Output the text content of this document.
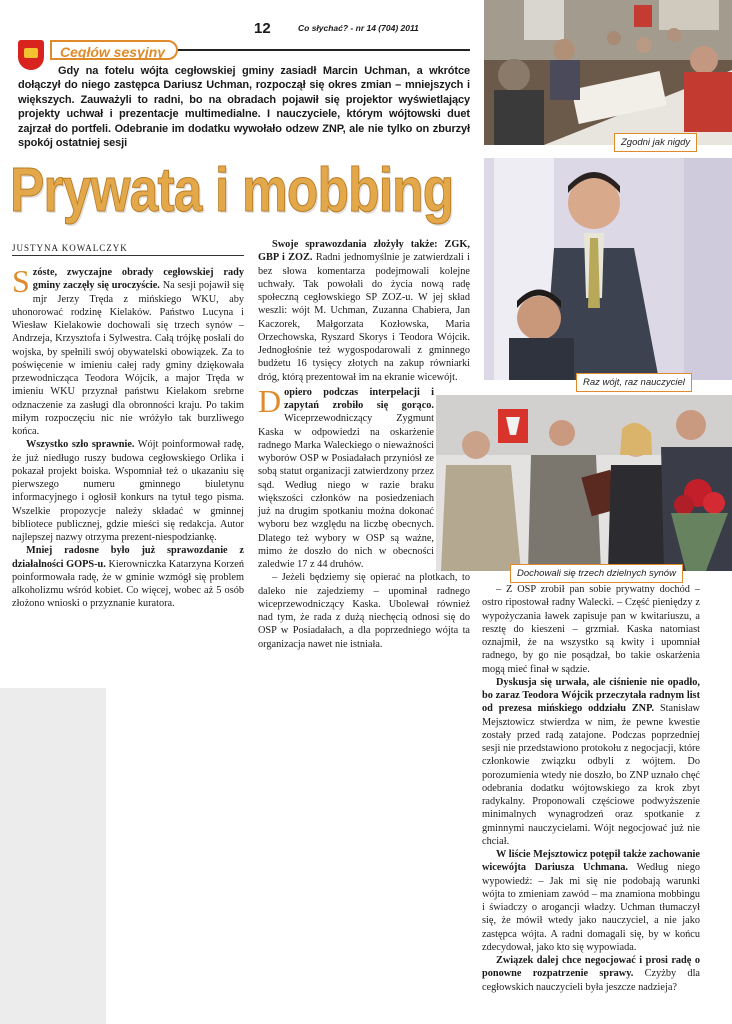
12	Co słychać? - nr 14 (704) 2011
Cegłów sesyjny
Gdy na fotelu wójta cegłowskiej gminy zasiadł Marcin Uchman, a wkrótce dołączył do niego zastępca Dariusz Uchman, rozpoczął się okres zmian – mniejszych i większych. Zauważyli to radni, bo na obradach pojawił się projektor wyświetlający projekty uchwał i prezentacje multimedialne. I nauczyciele, którym wójtowski duet zajrzał do portfeli. Odebranie im dodatku wywołało odzew ZNP, ale nie tylko on zburzył spokój ostatniej sesji	Zgodni jak nigdy
Prywata i mobbing
Raz wójt, raz nauczyciel
Dochowali się trzech dzielnych synów
JUSTYNA KOWALCZYK

Szóste, zwyczajne obrady cegłowskiej rady gminy zaczęły się uroczyście. Na sesji pojawił się mjr Jerzy Tręda z mińskiego WKU, aby uhonorować rodzinę Kielaków. Państwo Lucyna i Wiesław Kielakowie dochowali się trzech synów – Andrzeja, Krzysztofa i Sylwestra. Całą trójkę posłali do wojska, by spełnili swój obywatelski obowiązek. Za to poświęcenie w imieniu całej rady gminy dziękowała przewodnicząca Teodora Wójcik, a major Tręda w imieniu WKU przyznał państwu Kielakom srebrne odznaczenie za zasługi dla obronności kraju. Po takim miłym rozpoczęciu nic nie wróżyło tak burzliwego końca.

Wszystko szło sprawnie. Wójt poinformował radę, że już niedługo ruszy budowa cegłowskiego Orlika i pokazał projekt boiska. Wspomniał też o ukazaniu się pierwszego numeru gminnego biuletynu informacyjnego i ogłosił konkurs na tytuł tego pisma. Wszelkie propozycje należy składać w gminnej bibliotece publicznej, gdzie mieści się redakcja. Autor najlepszej nazwy otrzyma prezent-niespodziankę.

Mniej radosne było już sprawozdanie z działalności GOPS-u. Kierowniczka Katarzyna Korzeń poinformowała radę, że w gminie wzmógł się problem alkoholizmu wśród kobiet. Co więcej, wobec aż 5 osób złożono wnioski o przyznanie kuratora.

Swoje sprawozdania złożyły także: ZGK, GBP i ZOZ. Radni jednomyślnie je zatwierdzali i bez słowa komentarza podejmowali kolejne uchwały. Tak powołali do życia nową radę społeczną cegłowskiego SP ZOZ-u. W jej skład weszli: wójt M. Uchman, Zuzanna Chabiera, Jan Kaczorek, Małgorzata Kozłowska, Maria Orzechowska, Ryszard Skorys i Teodora Wójcik. Jednogłośnie też wygospodarowali z gminnego budżetu 16 tysięcy złotych na zakup równiarki dróg, którą prezentował im na ekranie wicewójt.

Dopiero podczas interpelacji i zapytań zrobiło się gorąco. Wiceprzewodniczący Zygmunt Kaska w odpowiedzi na oskarżenie radnego Marka Waleckiego o nieważności wyborów OSP w Posiadałach przyniósł ze sobą statut organizacji zatwierdzony przez sąd. Według niego w razie braku większości członków na posiedzeniach już na drugim spotkaniu można dokonać wyboru bez względu na liczbę obecnych. Dlatego też wybory w OSP są ważne, mimo że doszło do nich w obecności zaledwie 17 z 44 druhów.

– Jeżeli będziemy się opierać na plotkach, to daleko nie zajedziemy – upominał radnego wiceprzewodniczący Kaska. Ubolewał również nad tym, że rada z dużą niechęcią odnosi się do OSP w Posiadałach, a dla poprzedniego wójta ta organizacja nawet nie istniała.

– Z OSP zrobił pan sobie prywatny dochód – ostro ripostował radny Walecki. – Część pieniędzy z wypożyczania ławek zapisuje pan w kwitariuszu, a resztę do kieszeni – grzmiał. Kaska natomiast oznajmił, że na wszystko są kwity i upomniał radnego, by go nie posądzał, bo takie oskarżenia mogą mieć finał w sądzie.

Dyskusja się urwała, ale ciśnienie nie opadło, bo zaraz Teodora Wójcik przeczytała radnym list od prezesa mińskiego oddziału ZNP. Stanisław Mejsztowicz stwierdza w nim, że pewne kwestie zostały przed radą zatajone. Podczas poprzedniej sesji nie przedstawiono protokołu z negocjacji, które członkowie związku odbyli z wójtem. Do porozumienia wtedy nie doszło, bo ZNP uznało chęć odebrania dodatku wójtowskiego za krok zbyt radykalny. Proponowali częściowe podwyższenie minimalnych wynagrodzeń oraz spotkanie z gminnymi nauczycielami. Wójt negocjować już nie chciał.

W liście Mejsztowicz potępił także zachowanie wicewójta Dariusza Uchmana. Według niego wypowiedź: – Jak mi się nie podobają warunki wójta to zmieniam zawód – ma znamiona mobbingu i świadczy o arogancji władzy. Uchman tłumaczył się, że mówił wtedy jako nauczyciel, a nie jako zastępca wójta. A radni domagali się, by w końcu zdecydował, jako kto się wypowiada.

Związek dalej chce negocjować i prosi radę o ponowne rozpatrzenie sprawy. Czyżby dla cegłowskich nauczycieli była jeszcze nadzieja?
